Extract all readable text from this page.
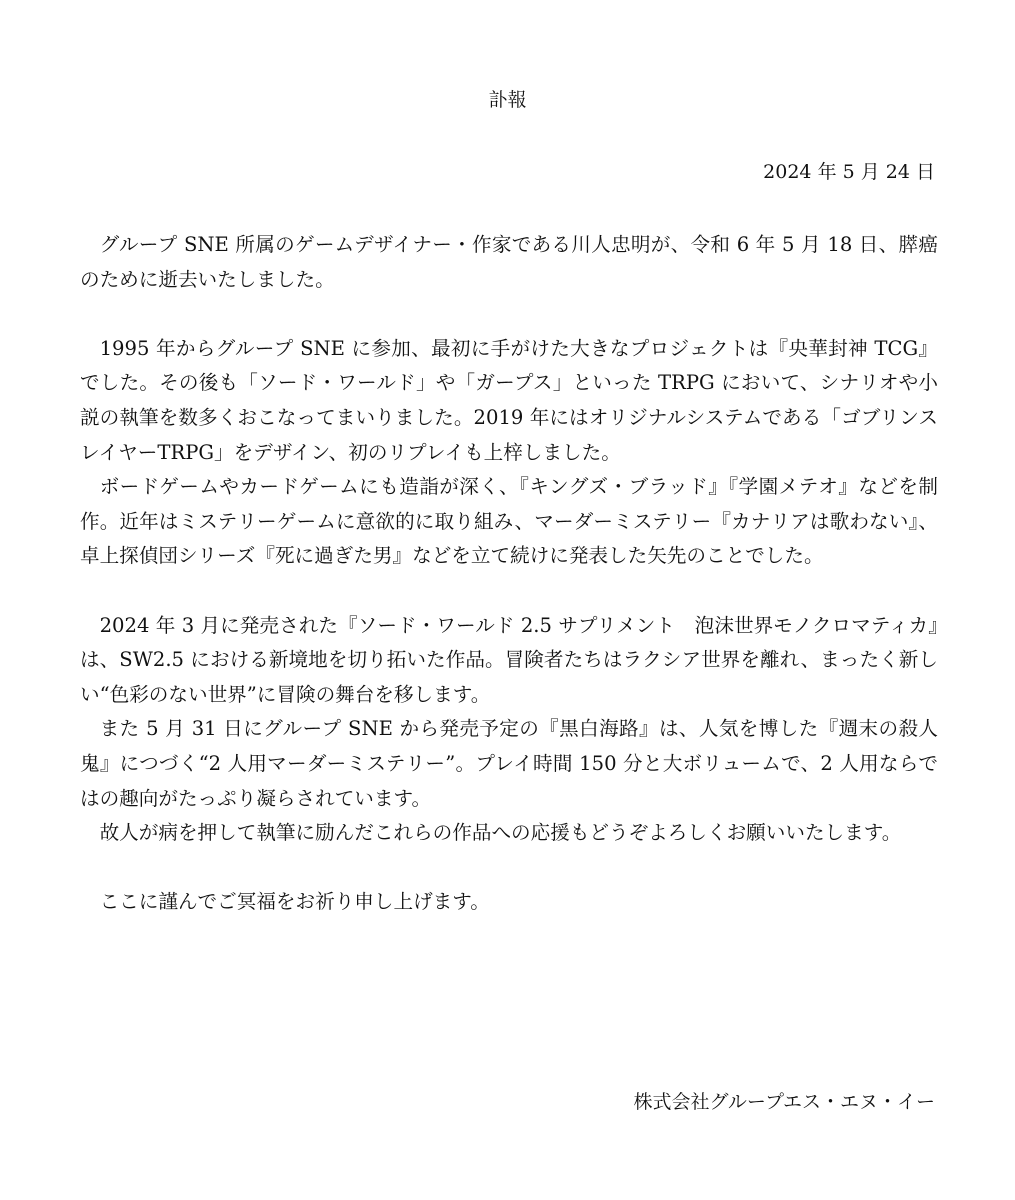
訃報
2024 年 5 月 24 日

グループ SNE 所属のゲームデザイナー・作家である川人忠明が、令和 6 年 5 月 18 日、膵癌のために逝去いたしました。

1995 年からグループ SNE に参加、最初に手がけた大きなプロジェクトは『央華封神 TCG』でした。その後も「ソード・ワールド」や「ガープス」といった TRPG において、シナリオや小説の執筆を数多くおこなってまいりました。2019 年にはオリジナルシステムである「ゴブリンスレイヤーTRPG」をデザイン、初のリプレイも上梓しました。

ボードゲームやカードゲームにも造詣が深く、『キングズ・ブラッド』『学園メテオ』などを制作。近年はミステリーゲームに意欲的に取り組み、マーダーミステリー『カナリアは歌わない』、卓上探偵団シリーズ『死に過ぎた男』などを立て続けに発表した矢先のことでした。

2024 年 3 月に発売された『ソード・ワールド 2.5 サプリメント　泡沫世界モノクロマティカ』は、SW2.5 における新境地を切り拓いた作品。冒険者たちはラクシア世界を離れ、まったく新しい“色彩のない世界”に冒険の舞台を移します。

また 5 月 31 日にグループ SNE から発売予定の『黒白海路』は、人気を博した『週末の殺人鬼』につづく“2 人用マーダーミステリー”。プレイ時間 150 分と大ボリュームで、2 人用ならではの趣向がたっぷり凝らされています。

故人が病を押して執筆に励んだこれらの作品への応援もどうぞよろしくお願いいたします。

ここに謹んでご冥福をお祈り申し上げます。

株式会社グループエス・エヌ・イー
